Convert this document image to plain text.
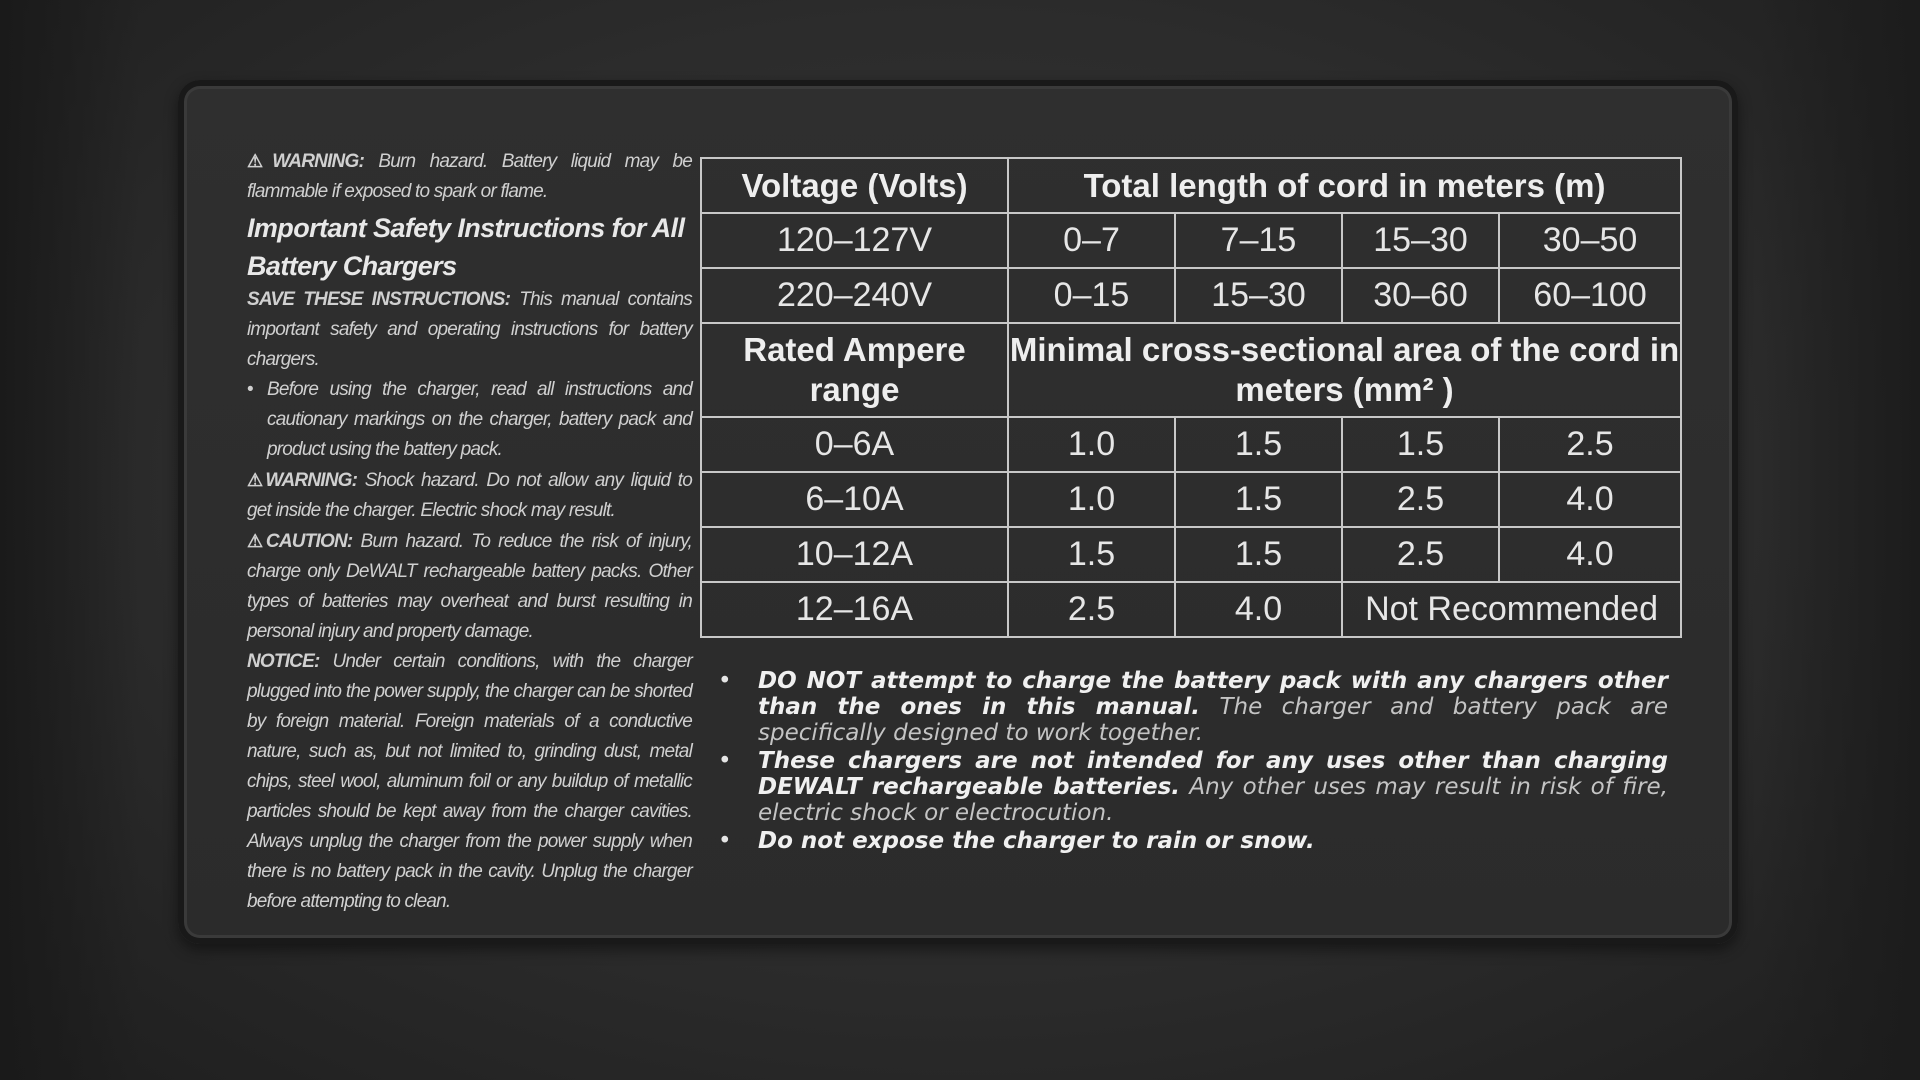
⚠WARNING: Burn hazard. Battery liquid may be flammable if exposed to spark or flame.

Important Safety Instructions for All Battery Chargers

SAVE THESE INSTRUCTIONS: This manual contains important safety and operating instructions for battery chargers.

• Before using the charger, read all instructions and cautionary markings on the charger, battery pack and product using the battery pack.

⚠WARNING: Shock hazard. Do not allow any liquid to get inside the charger. Electric shock may result.

⚠CAUTION: Burn hazard. To reduce the risk of injury, charge only DeWALT rechargeable battery packs. Other types of batteries may overheat and burst resulting in personal injury and property damage.

NOTICE: Under certain conditions, with the charger plugged into the power supply, the charger can be shorted by foreign material. Foreign materials of a conductive nature, such as, but not limited to, grinding dust, metal chips, steel wool, aluminum foil or any buildup of metallic particles should be kept away from the charger cavities. Always unplug the charger from the power supply when there is no battery pack in the cavity. Unplug the charger before attempting to clean.

Voltage (Volts)	Total length of cord in meters (m)			
120–127V	0–7	7–15	15–30	30–50
220–240V	0–15	15–30	30–60	60–100
Rated Ampere range	Minimal cross-sectional area of the cord in meters (mm² )			
0–6A	1.0	1.5	1.5	2.5
6–10A	1.0	1.5	2.5	4.0
10–12A	1.5	1.5	2.5	4.0
12–16A	2.5	4.0	Not Recommended	
•	DO NOT attempt to charge the battery pack with any chargers other than the ones in this manual. The charger and battery pack are specifically designed to work together.
•	These chargers are not intended for any uses other than charging DEWALT rechargeable batteries. Any other uses may result in risk of fire, electric shock or electrocution.
•	Do not expose the charger to rain or snow.
